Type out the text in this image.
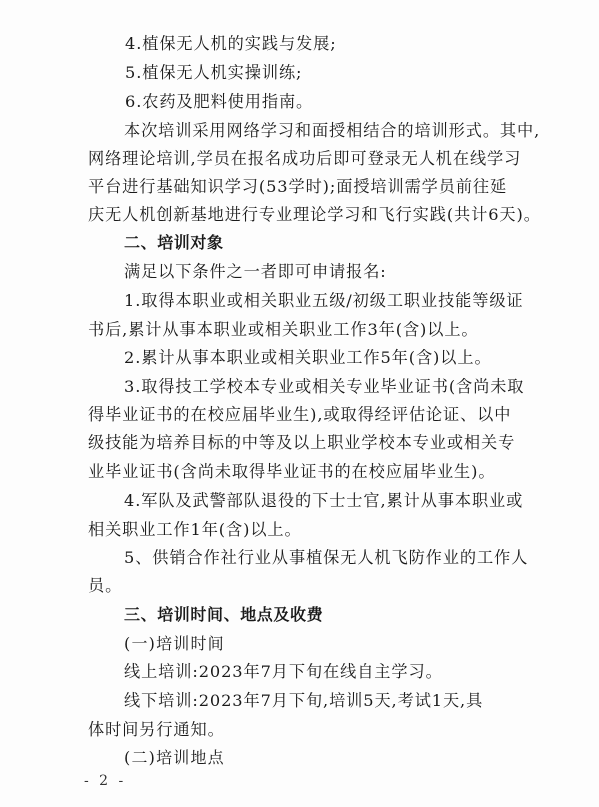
4.植保无人机的实践与发展;
5.植保无人机实操训练;
6.农药及肥料使用指南。
本次培训采用网络学习和面授相结合的培训形式。其中,
网络理论培训,学员在报名成功后即可登录无人机在线学习
平台进行基础知识学习(53学时);面授培训需学员前往延
庆无人机创新基地进行专业理论学习和飞行实践(共计6天)。
二、培训对象
满足以下条件之一者即可申请报名:
1.取得本职业或相关职业五级/初级工职业技能等级证
书后,累计从事本职业或相关职业工作3年(含)以上。
2.累计从事本职业或相关职业工作5年(含)以上。
3.取得技工学校本专业或相关专业毕业证书(含尚未取
得毕业证书的在校应届毕业生),或取得经评估论证、以中
级技能为培养目标的中等及以上职业学校本专业或相关专
业毕业证书(含尚未取得毕业证书的在校应届毕业生)。
4.军队及武警部队退役的下士士官,累计从事本职业或
相关职业工作1年(含)以上。
5、供销合作社行业从事植保无人机飞防作业的工作人
员。
三、培训时间、地点及收费
(一)培训时间
线上培训:2023年7月下旬在线自主学习。
线下培训:2023年7月下旬,培训5天,考试1天,具
体时间另行通知。
(二)培训地点
- 2 -
